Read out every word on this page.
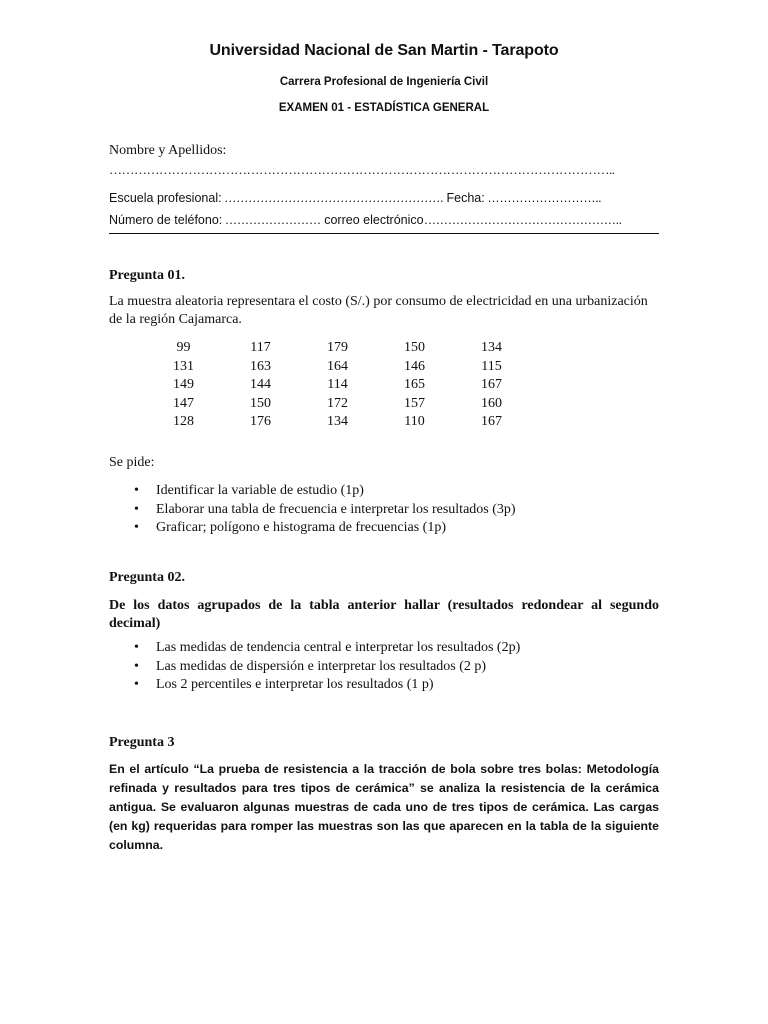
Universidad Nacional de San Martin - Tarapoto
Carrera Profesional de Ingeniería Civil
EXAMEN 01 - ESTADÍSTICA GENERAL
Nombre y Apellidos:
…………………………………………………………………………………………………………..
Escuela profesional: ………………………………………………. Fecha: ………………………..
Número de teléfono: …………………… correo electrónico…………………………………………..
Pregunta 01.
La muestra aleatoria representara el costo (S/.) por consumo de electricidad en una urbanización de la región Cajamarca.
99	117	179	150	134
131	163	164	146	115
149	144	114	165	167
147	150	172	157	160
128	176	134	110	167
Se pide:
• Identificar la variable de estudio (1p)
• Elaborar una tabla de frecuencia e interpretar los resultados (3p)
• Graficar; polígono e histograma de frecuencias (1p)
Pregunta 02.
De los datos agrupados de la tabla anterior hallar (resultados redondear al segundo decimal)
• Las medidas de tendencia central e interpretar los resultados (2p)
• Las medidas de dispersión e interpretar los resultados (2 p)
• Los 2 percentiles e interpretar los resultados (1 p)
Pregunta 3
En el artículo “La prueba de resistencia a la tracción de bola sobre tres bolas: Metodología refinada y resultados para tres tipos de cerámica” se analiza la resistencia de la cerámica antigua. Se evaluaron algunas muestras de cada uno de tres tipos de cerámica. Las cargas (en kg) requeridas para romper las muestras son las que aparecen en la tabla de la siguiente columna.
